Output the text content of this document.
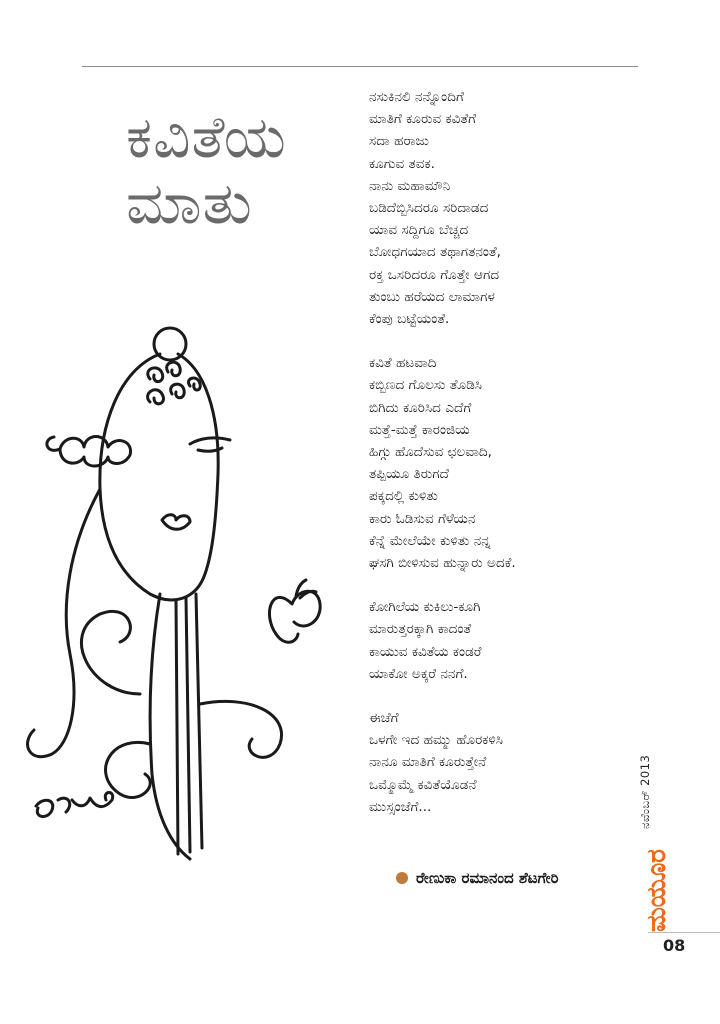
ಕವಿತೆಯ
ಮಾತು
ನಸುಕಿನಲಿ ನನ್ನೊಂದಿಗೆ
ಮಾತಿಗೆ ಕೂರುವ ಕವಿತೆಗೆ
ಸದಾ ಹರಾಜು
ಕೂಗುವ ತವಕ.
ನಾನು ಮಹಾಮೌನಿ
ಬಡಿದೆಬ್ಬಿಸಿದರೂ ಸರಿದಾಡದ
ಯಾವ ಸದ್ದಿಗೂ ಬೆಚ್ಚದ
ಬೋಧಗಯಾದ ತಥಾಗತನಂತೆ,
ರಕ್ತ ಒಸರಿದರೂ ಗೊತ್ತೇ ಆಗದ
ತುಂಬು ಹರೆಯದ ಲಾಮಾಗಳ
ಕೆಂಪು ಬಟ್ಟೆಯಂತೆ.
ಕವಿತೆ ಹಟವಾದಿ
ಕಬ್ಬಿಣದ ಗೊಲಸು ತೊಡಿಸಿ
ಬಿಗಿದು ಕೂರಿಸಿದ ಎದೆಗೆ
ಮತ್ತೆ-ಮತ್ತೆ ಕಾರಂಜಿಯ
ಹಿಗ್ಗು ಹೊದೆಸುವ ಛಲವಾದಿ,
ತಪ್ಪಿಯೂ ತಿರುಗದೆ
ಪಕ್ಕದಲ್ಲಿ ಕುಳಿತು
ಕಾರು ಓಡಿಸುವ ಗೆಳೆಯನ
ಕೆನ್ನೆ ಮೇಲೆಯೇ ಕುಳಿತು ನನ್ನ
ಘಸಗಿ ಬೀಳಿಸುವ ಹುನ್ನಾರು ಅದಕೆ.
ಕೋಗಿಲೆಯ ಕುಕಿಲು-ಕೂಗಿ
ಮಾರುತ್ತರಕ್ಕಾಗಿ ಕಾದಂತೆ
ಕಾಯುವ ಕವಿತೆಯ ಕಂಡರೆ
ಯಾಕೋ ಅಕ್ಕರೆ ನನಗೆ.
ಈಚೆಗೆ
ಒಳಗೇ ಇದ ಹಮ್ಮು ಹೊರಕಳಿಸಿ
ನಾನೂ ಮಾತಿಗೆ ಕೂರುತ್ತೇನೆ
ಒಮ್ಮೊಮ್ಮೆ ಕವಿತೆಯೊಡನೆ
ಮುಸ್ಸಂಜೆಗೆ...
ರೇಣುಕಾ ರಮಾನಂದ ಶೆಟಗೇರಿ
ನವೆಂಬರ್ 2013
ಮಯೂರ
08
